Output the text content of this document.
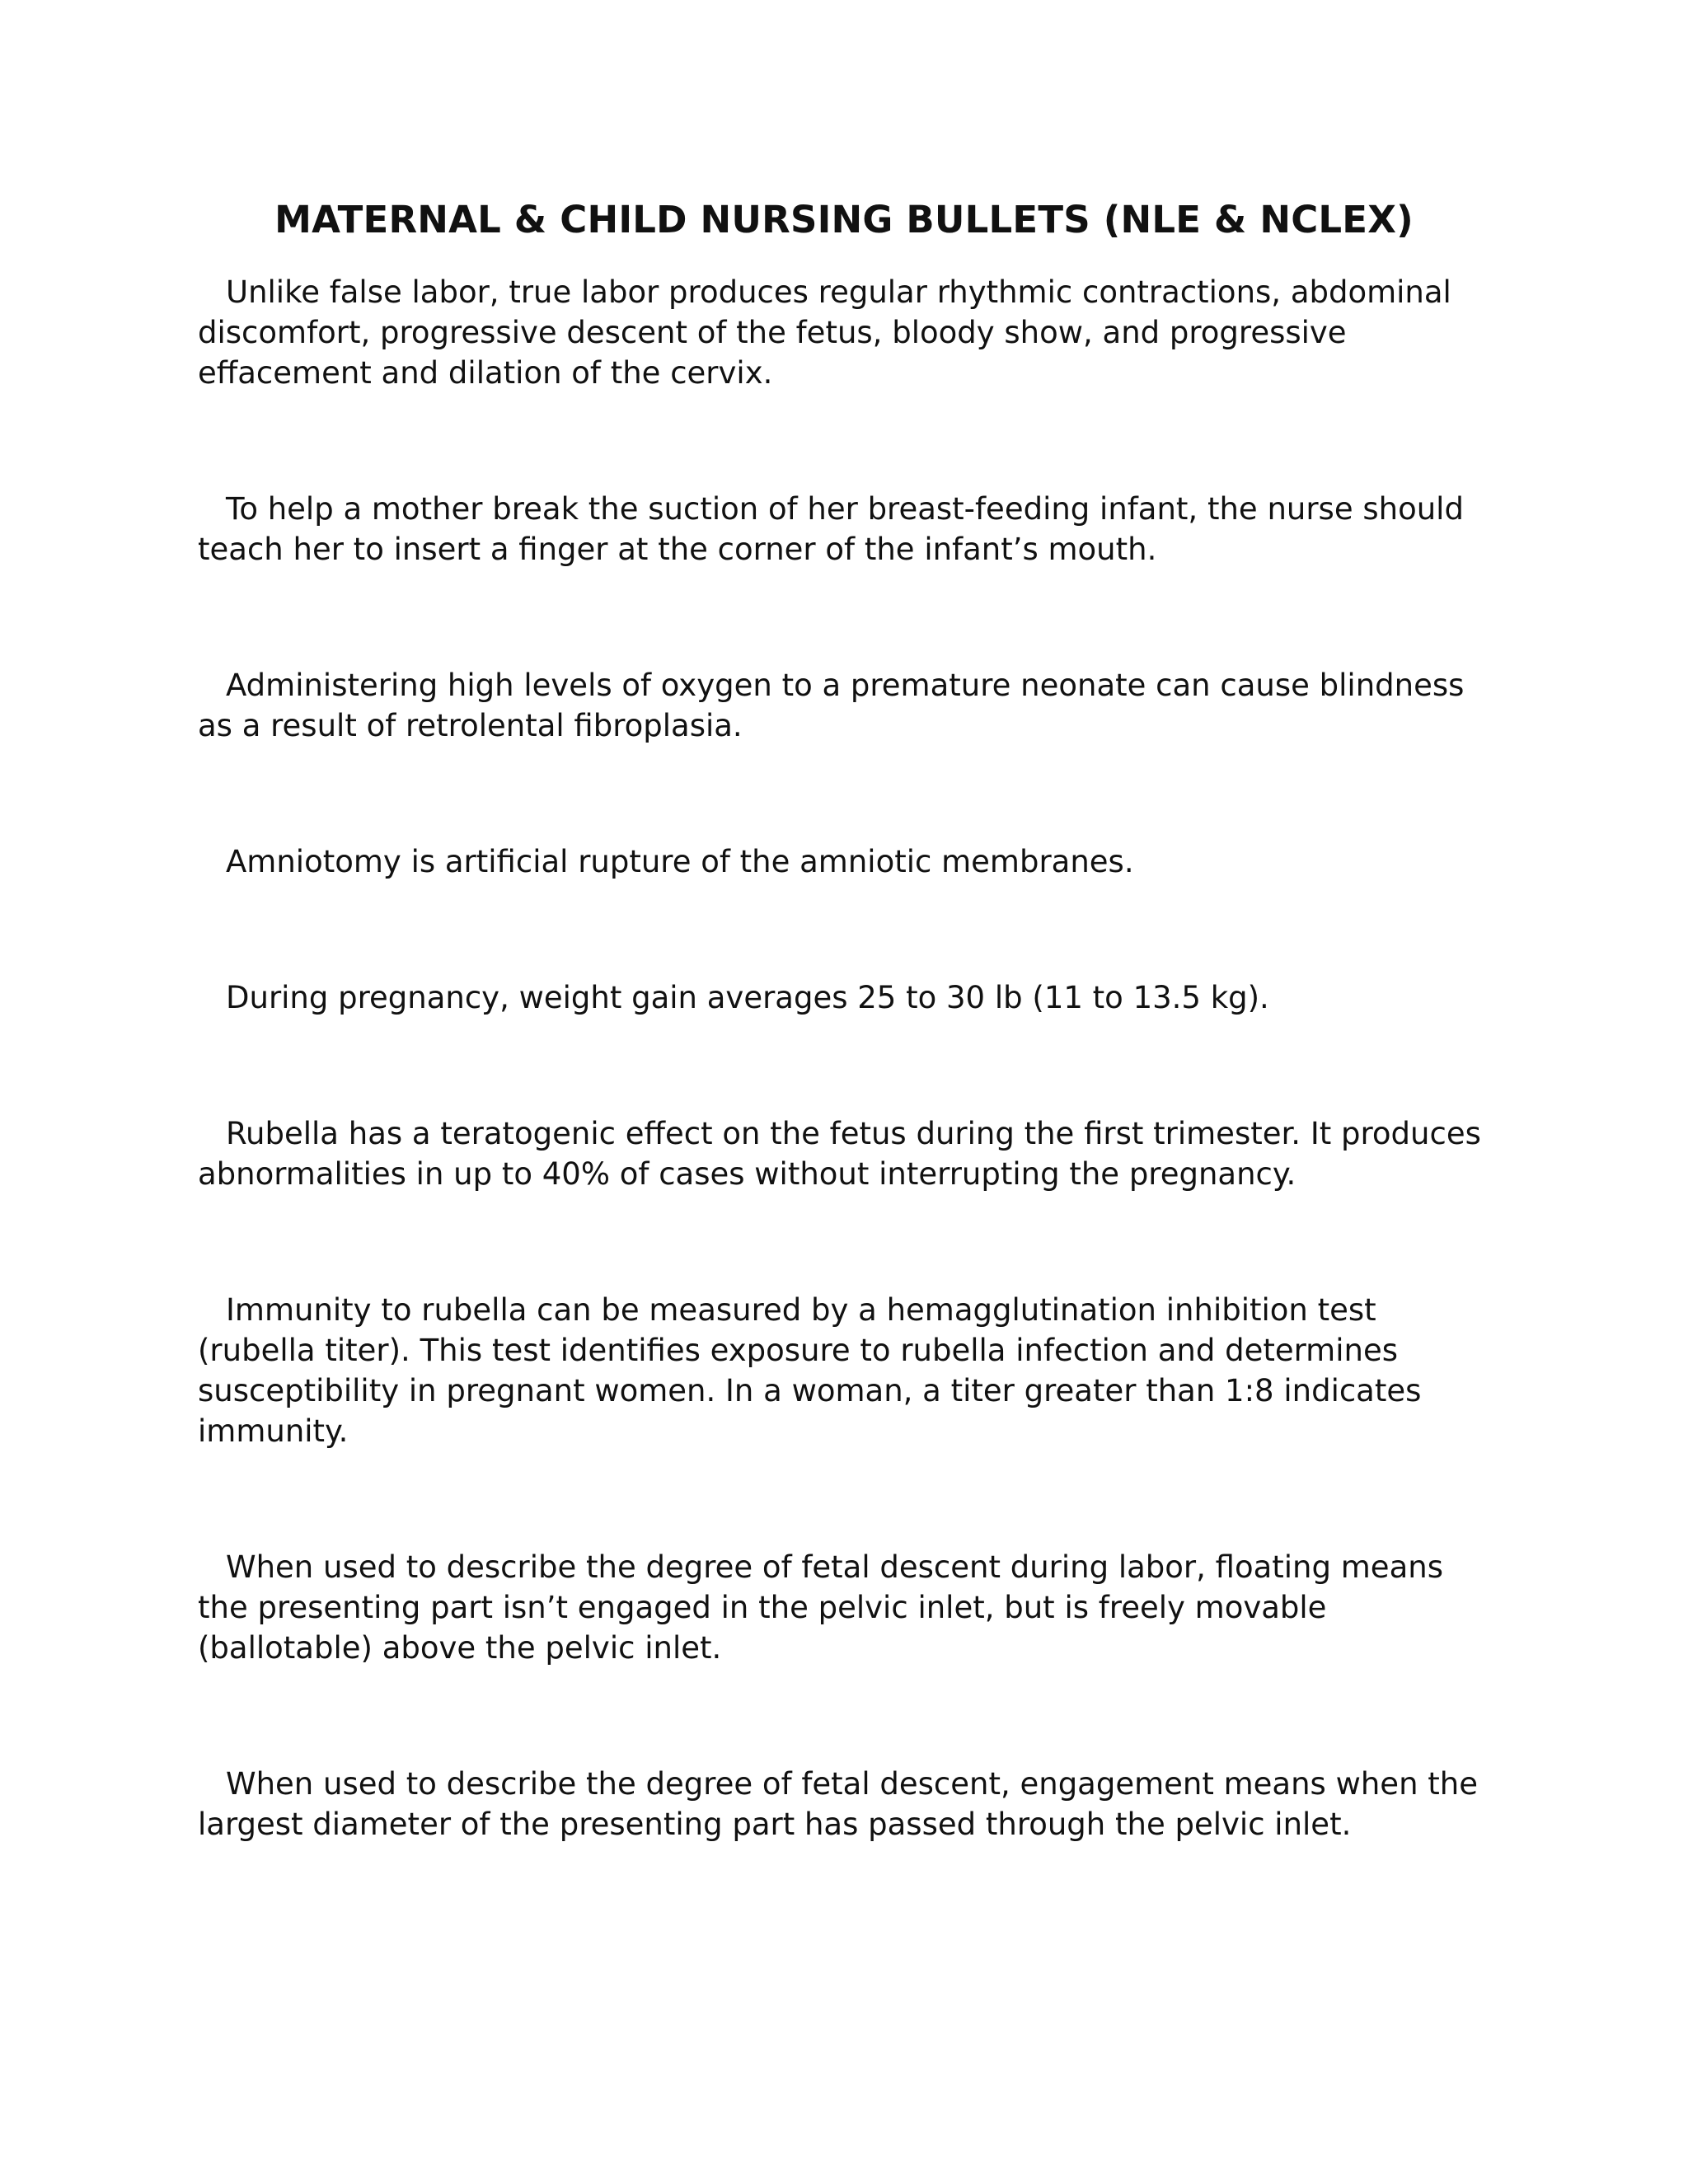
MATERNAL & CHILD NURSING BULLETS (NLE & NCLEX)

Unlike false labor, true labor produces regular rhythmic contractions, abdominal discomfort, progressive descent of the fetus, bloody show, and progressive effacement and dilation of the cervix.

To help a mother break the suction of her breast-feeding infant, the nurse should teach her to insert a finger at the corner of the infant’s mouth.

Administering high levels of oxygen to a premature neonate can cause blindness as a result of retrolental fibroplasia.

Amniotomy is artificial rupture of the amniotic membranes.

During pregnancy, weight gain averages 25 to 30 lb (11 to 13.5 kg).

Rubella has a teratogenic effect on the fetus during the first trimester. It produces abnormalities in up to 40% of cases without interrupting the pregnancy.

Immunity to rubella can be measured by a hemagglutination inhibition test (rubella titer). This test identifies exposure to rubella infection and determines susceptibility in pregnant women. In a woman, a titer greater than 1:8 indicates immunity.

When used to describe the degree of fetal descent during labor, floating means the presenting part isn’t engaged in the pelvic inlet, but is freely movable (ballotable) above the pelvic inlet.

When used to describe the degree of fetal descent, engagement means when the largest diameter of the presenting part has passed through the pelvic inlet.
